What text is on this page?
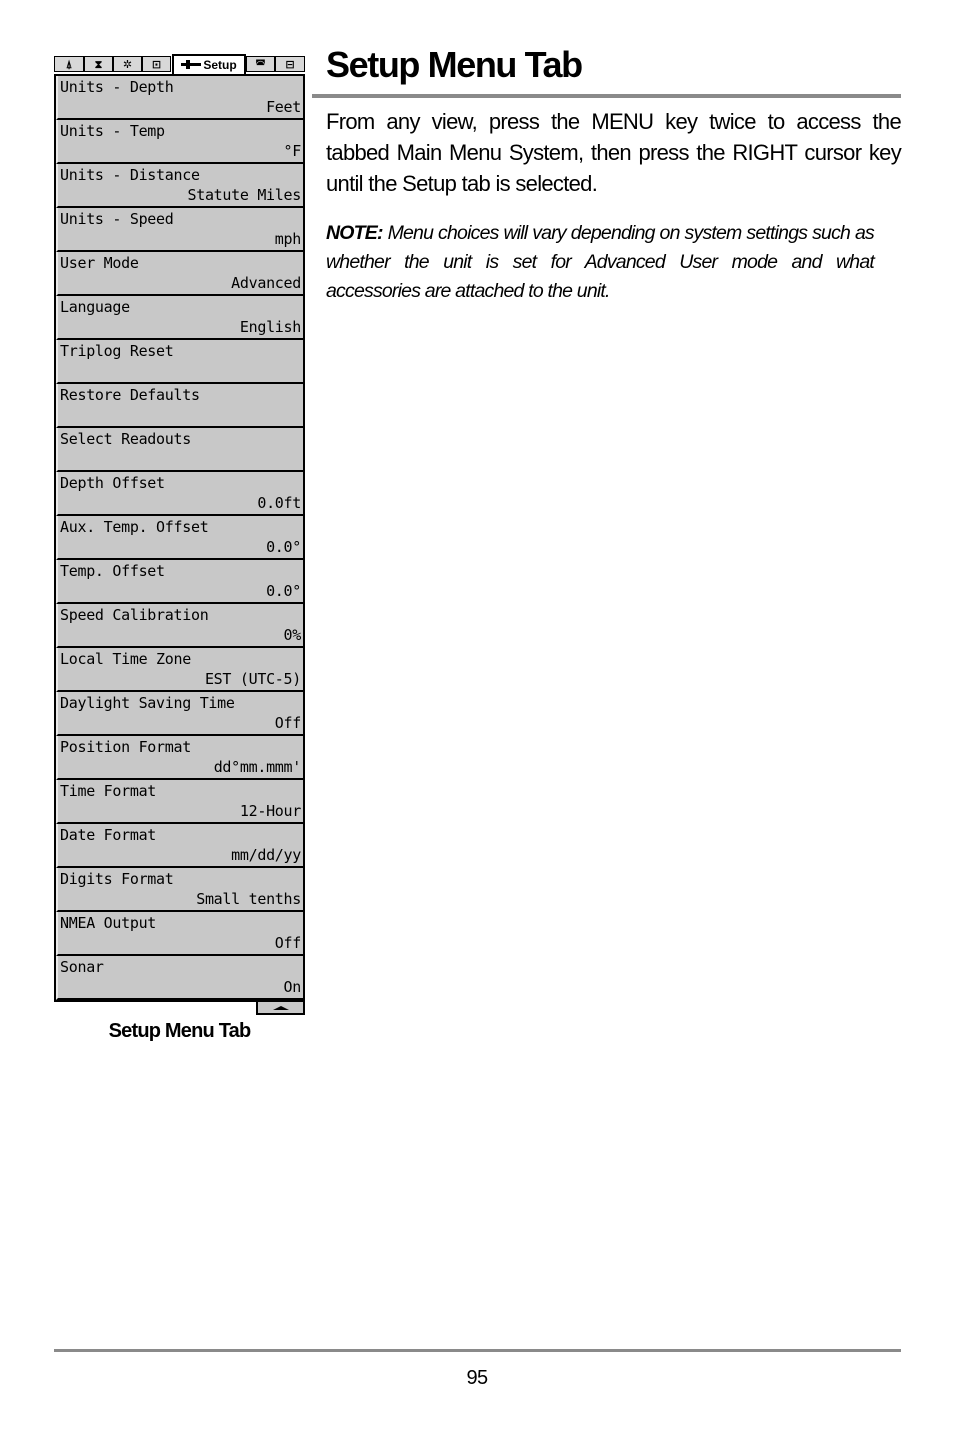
⍋ ⧗ ✲ ⊡	Setup ◚ ⊟
Units - Depth
Feet
Units - Temp
°F
Units - Distance
Statute Miles
Units - Speed
mph
User Mode
Advanced
Language
English
Triplog Reset
Restore Defaults
Select Readouts
Depth Offset
0.0ft
Aux. Temp. Offset
0.0°
Temp. Offset
0.0°
Speed Calibration
0%
Local Time Zone
EST (UTC-5)
Daylight Saving Time
Off
Position Format
dd°mm.mmm'
Time Format
12-Hour
Date Format
mm/dd/yy
Digits Format
Small tenths
NMEA Output
Off
Sonar
On
Setup Menu Tab
Setup Menu Tab

From any view, press the MENU key twice to access the tabbed Main Menu System, then press the RIGHT cursor key until the Setup tab is selected.

NOTE: Menu choices will vary depending on system settings such as whether the unit is set for Advanced User mode and what accessories are attached to the unit.

95
